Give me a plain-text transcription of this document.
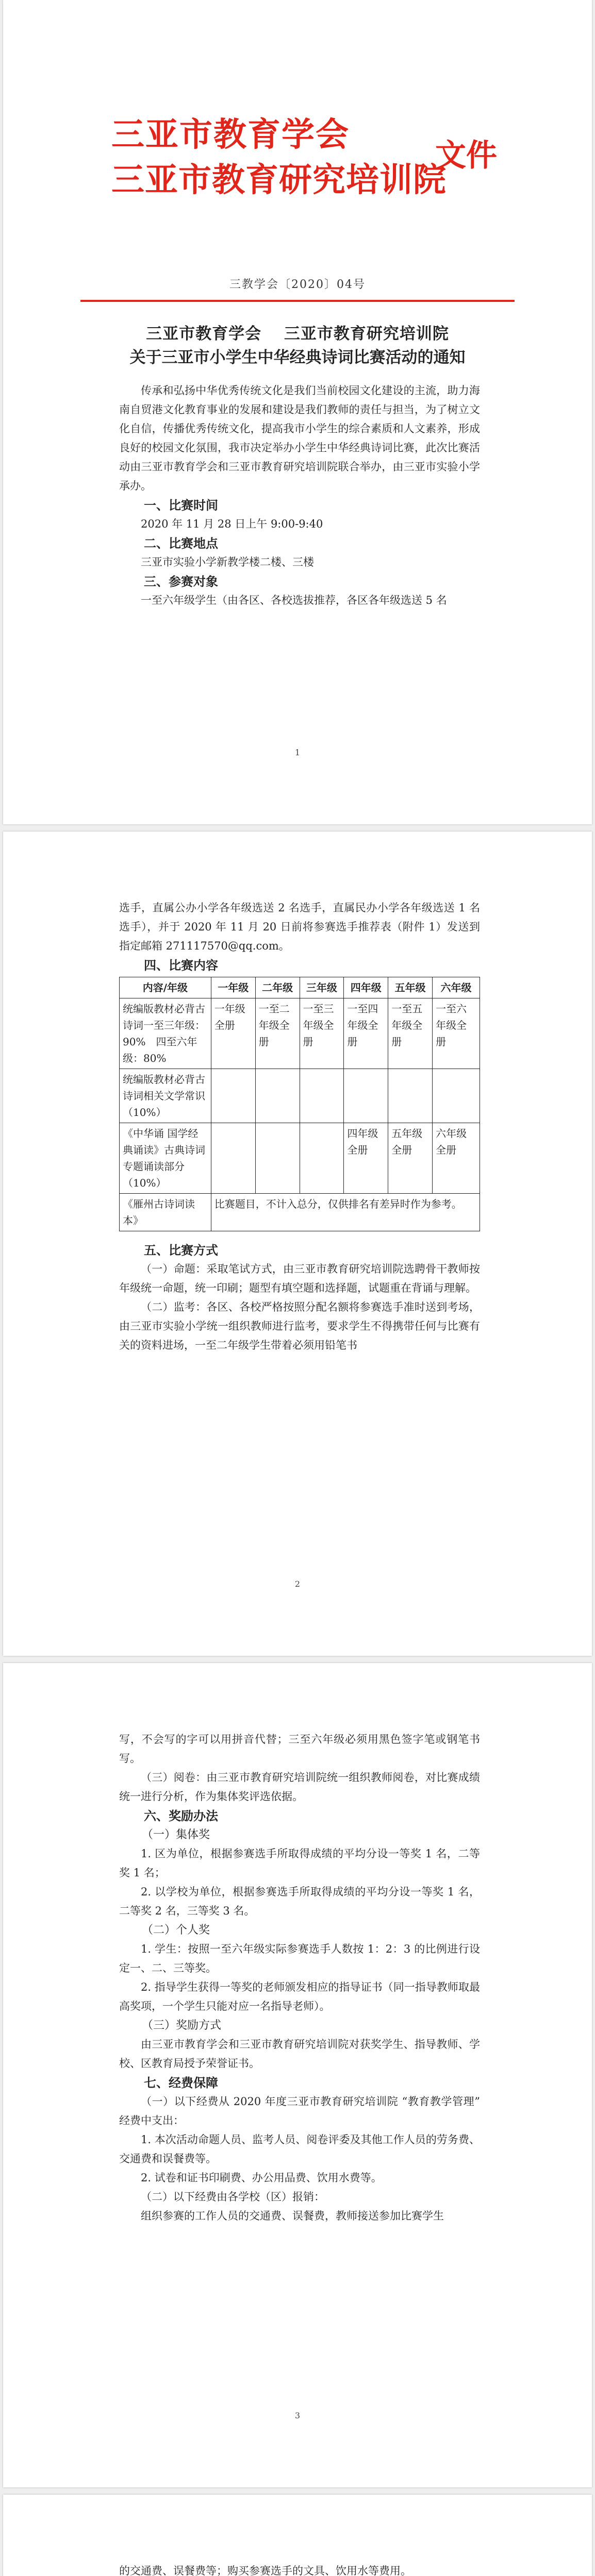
三亚市教育学会
三亚市教育研究培训院
文件
三教学会〔2020〕04号
三亚市教育学会　 三亚市教育研究培训院
关于三亚市小学生中华经典诗词比赛活动的通知

传承和弘扬中华优秀传统文化是我们当前校园文化建设的主流，助力海南自贸港文化教育事业的发展和建设是我们教师的责任与担当，为了树立文化自信，传播优秀传统文化，提高我市小学生的综合素质和人文素养，形成良好的校园文化氛围，我市决定举办小学生中华经典诗词比赛，此次比赛活动由三亚市教育学会和三亚市教育研究培训院联合举办，由三亚市实验小学承办。

一、比赛时间

2020 年 11 月 28 日上午 9:00-9:40

二、比赛地点

三亚市实验小学新教学楼二楼、三楼

三、参赛对象

一至六年级学生（由各区、各校选拔推荐，各区各年级选送 5 名

1

选手，直属公办小学各年级选送 2 名选手，直属民办小学各年级选送 1 名选手），并于 2020 年 11 月 20 日前将参赛选手推荐表（附件 1）发送到指定邮箱 271117570@qq.com。

四、比赛内容
内容/年级	一年级	二年级	三年级	四年级	五年级	六年级
统编版教材必背古诗词一至三年级：90%　四至六年级：80%	一年级全册	一至二年级全册	一至三年级全册	一至四年级全册	一至五年级全册	一至六年级全册
统编版教材必背古诗词相关文学常识（10%）						
《中华诵 国学经典诵读》古典诗词专题诵读部分（10%）				四年级全册	五年级全册	六年级全册
《雁州古诗词读本》	比赛题目，不计入总分，仅供排名有差异时作为参考。					
五、比赛方式

（一）命题：采取笔试方式，由三亚市教育研究培训院选聘骨干教师按年级统一命题，统一印刷；题型有填空题和选择题，试题重在背诵与理解。

（二）监考：各区、各校严格按照分配名额将参赛选手准时送到考场，由三亚市实验小学统一组织教师进行监考，要求学生不得携带任何与比赛有关的资料进场，一至二年级学生带着必须用铅笔书

2

写，不会写的字可以用拼音代替；三至六年级必须用黑色签字笔或钢笔书写。

（三）阅卷：由三亚市教育研究培训院统一组织教师阅卷，对比赛成绩统一进行分析，作为集体奖评选依据。

六、奖励办法
（一）集体奖

1. 区为单位，根据参赛选手所取得成绩的平均分设一等奖 1 名，二等奖 1 名；

2. 以学校为单位，根据参赛选手所取得成绩的平均分设一等奖 1 名，二等奖 2 名，三等奖 3 名。

（二）个人奖

1. 学生：按照一至六年级实际参赛选手人数按 1：2：3 的比例进行设定一、二、三等奖。

2. 指导学生获得一等奖的老师颁发相应的指导证书（同一指导教师取最高奖项，一个学生只能对应一名指导老师）。

（三）奖励方式

由三亚市教育学会和三亚市教育研究培训院对获奖学生、指导教师、学校、区教育局授予荣誉证书。

七、经费保障

（一）以下经费从 2020 年度三亚市教育研究培训院 “教育教学管理” 经费中支出：

1. 本次活动命题人员、监考人员、阅卷评委及其他工作人员的劳务费、交通费和误餐费等。

2. 试卷和证书印刷费、办公用品费、饮用水费等。

（二）以下经费由各学校（区）报销：

组织参赛的工作人员的交通费、误餐费，教师接送参加比赛学生

3

的交通费、误餐费等；购买参赛选手的文具、饮用水等费用。
